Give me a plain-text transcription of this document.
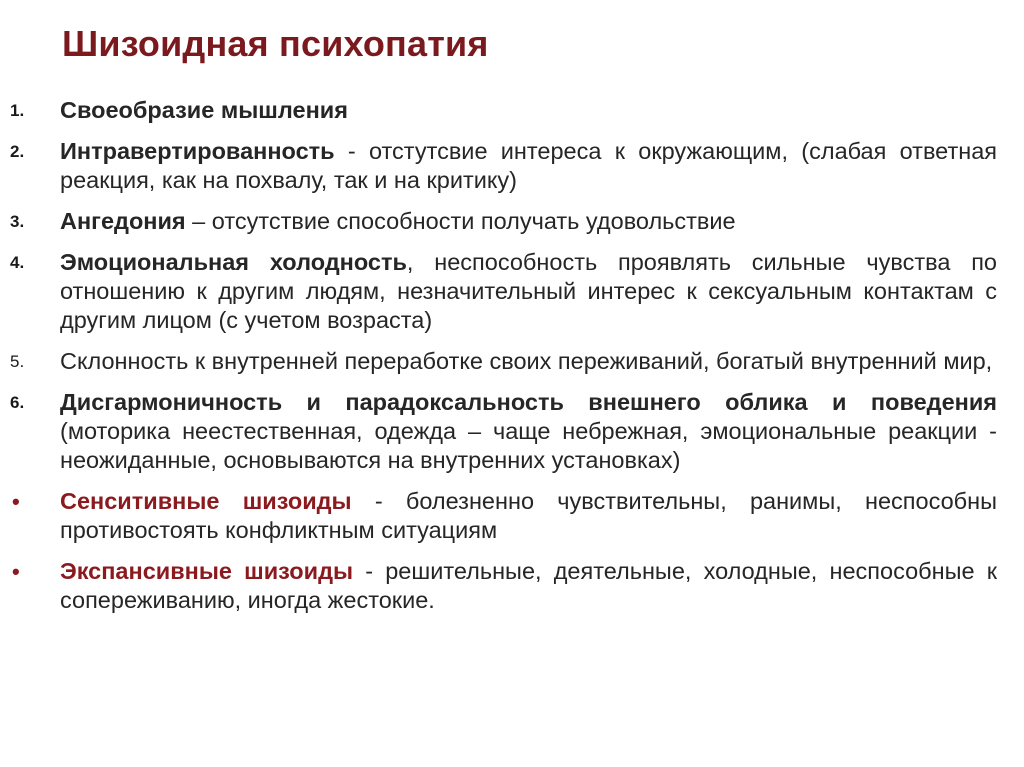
Шизоидная психопатия
1. Своеобразие мышления
2. Интравертированность - отстутсвие интереса к окружающим, (слабая ответная реакция, как на похвалу, так и на критику)
3. Ангедония – отсутствие способности получать удовольствие
4. Эмоциональная холодность, неспособность проявлять сильные чувства по отношению к другим людям, незначительный интерес к сексуальным контактам с другим лицом (с учетом возраста)
5. Склонность к внутренней переработке своих переживаний, богатый внутренний мир,
6. Дисгармоничность и парадоксальность внешнего облика и поведения (моторика неестественная, одежда – чаще небрежная, эмоциональные реакции - неожиданные, основываются на внутренних установках)
• Сенситивные шизоиды - болезненно чувствительны, ранимы, неспособны противостоять конфликтным ситуациям
• Экспансивные шизоиды - решительные, деятельные, холодные, неспособные к сопереживанию, иногда жестокие.
